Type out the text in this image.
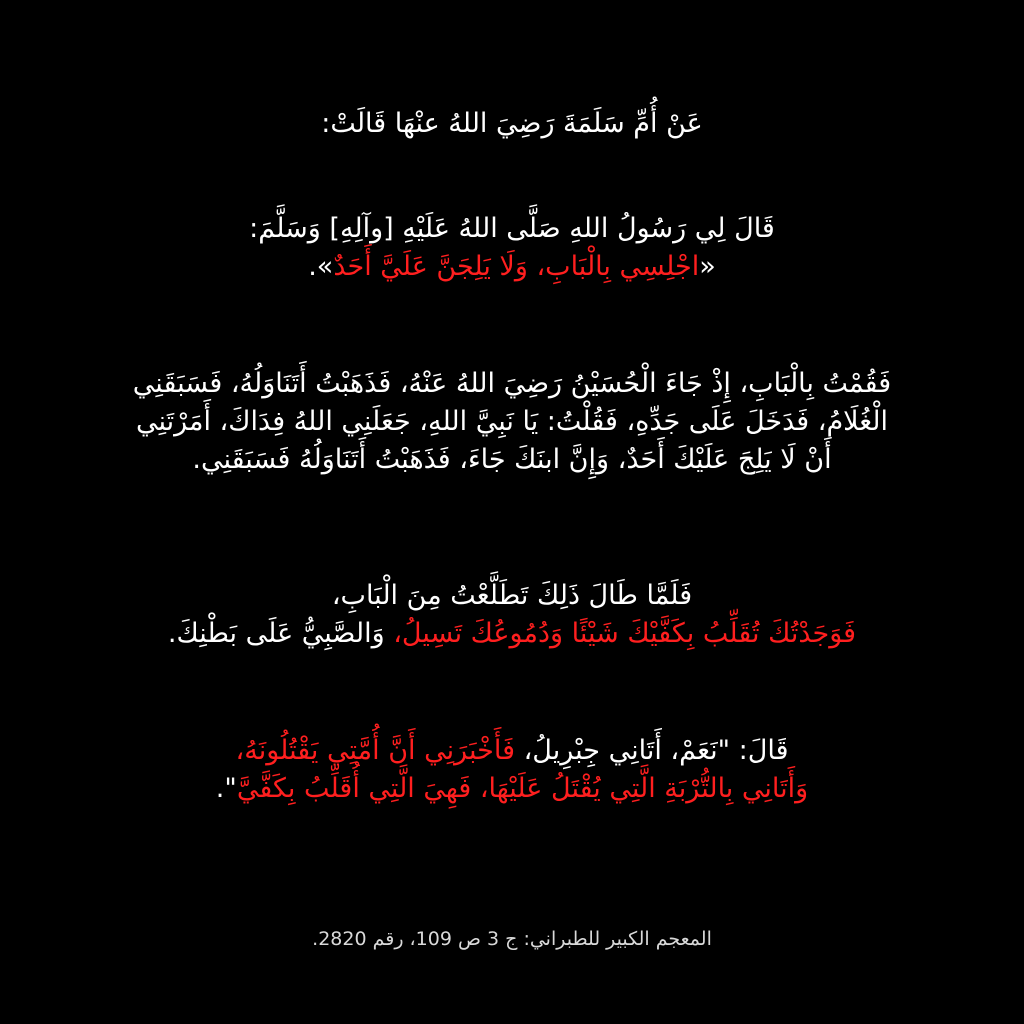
عَنْ أُمِّ سَلَمَةَ رَضِيَ اللهُ عنْهَا قَالَتْ:

قَالَ لِي رَسُولُ اللهِ صَلَّى اللهُ عَلَيْهِ [وآلِهِ] وَسَلَّمَ:
«اجْلِسِي بِالْبَابِ، وَلَا يَلِجَنَّ عَلَيَّ أَحَدٌ».

فَقُمْتُ بِالْبَابِ، إِذْ جَاءَ الْحُسَيْنُ رَضِيَ اللهُ عَنْهُ، فَذَهَبْتُ أَتَنَاوَلُهُ، فَسَبَقَنِي
الْغُلَامُ، فَدَخَلَ عَلَى جَدِّهِ، فَقُلْتُ: يَا نَبِيَّ اللهِ، جَعَلَنِي اللهُ فِدَاكَ، أَمَرْتَنِي
أَنْ لَا يَلِجَ عَلَيْكَ أَحَدٌ، وَإِنَّ ابنَكَ جَاءَ، فَذَهَبْتُ أَتَنَاوَلُهُ فَسَبَقَنِي.

فَلَمَّا طَالَ ذَلِكَ تَطَلَّعْتُ مِنَ الْبَابِ،
فَوَجَدْتُكَ تُقَلِّبُ بِكَفَّيْكَ شَيْئًا وَدُمُوعُكَ تَسِيلُ، وَالصَّبِيُّ عَلَى بَطْنِكَ.

قَالَ: "نَعَمْ، أَتَانِي جِبْرِيلُ، فَأَخْبَرَنِي أَنَّ أُمَّتِي يَقْتُلُونَهُ،
وَأَتَانِي بِالتُّرْبَةِ الَّتِي يُقْتَلُ عَلَيْهَا، فَهِيَ الَّتِي أُقَلِّبُ بِكَفَّيَّ".

المعجم الكبير للطبراني: ج 3 ص 109، رقم 2820.
